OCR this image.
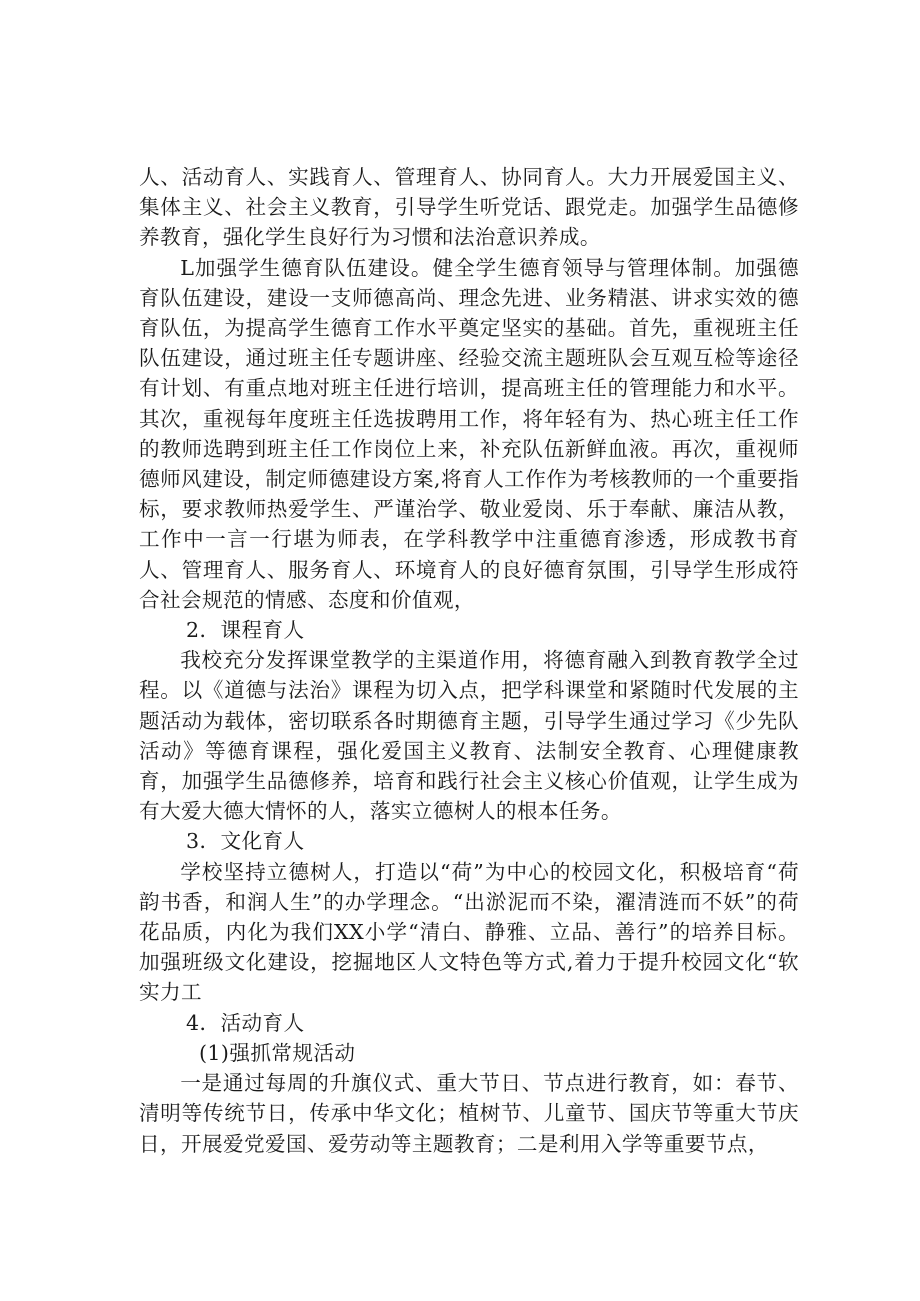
人、活动育人、实践育人、管理育人、协同育人。大力开展爱国主义、集体主义、社会主义教育，引导学生听党话、跟党走。加强学生品德修养教育，强化学生良好行为习惯和法治意识养成。

L加强学生德育队伍建设。健全学生德育领导与管理体制。加强德育队伍建设，建设一支师德高尚、理念先进、业务精湛、讲求实效的德育队伍，为提高学生德育工作水平奠定坚实的基础。首先，重视班主任队伍建设，通过班主任专题讲座、经验交流主题班队会互观互检等途径有计划、有重点地对班主任进行培训，提高班主任的管理能力和水平。其次，重视每年度班主任选拔聘用工作，将年轻有为、热心班主任工作的教师选聘到班主任工作岗位上来，补充队伍新鲜血液。再次，重视师德师风建设，制定师德建设方案,将育人工作作为考核教师的一个重要指标，要求教师热爱学生、严谨治学、敬业爱岗、乐于奉献、廉洁从教，工作中一言一行堪为师表，在学科教学中注重德育渗透，形成教书育人、管理育人、服务育人、环境育人的良好德育氛围，引导学生形成符合社会规范的情感、态度和价值观，

2．课程育人

我校充分发挥课堂教学的主渠道作用，将德育融入到教育教学全过程。以《道德与法治》课程为切入点，把学科课堂和紧随时代发展的主题活动为载体，密切联系各时期德育主题，引导学生通过学习《少先队活动》等德育课程，强化爱国主义教育、法制安全教育、心理健康教育，加强学生品德修养，培育和践行社会主义核心价值观，让学生成为有大爱大德大情怀的人，落实立德树人的根本任务。

3．文化育人

学校坚持立德树人，打造以“荷”为中心的校园文化，积极培育“荷韵书香，和润人生”的办学理念。“出淤泥而不染，濯清涟而不妖”的荷花品质，内化为我们XX小学“清白、静雅、立品、善行”的培养目标。加强班级文化建设，挖掘地区人文特色等方式,着力于提升校园文化“软实力工

4．活动育人

(1)强抓常规活动

一是通过每周的升旗仪式、重大节日、节点进行教育，如：春节、清明等传统节日，传承中华文化；植树节、儿童节、国庆节等重大节庆日，开展爱党爱国、爱劳动等主题教育；二是利用入学等重要节点，
